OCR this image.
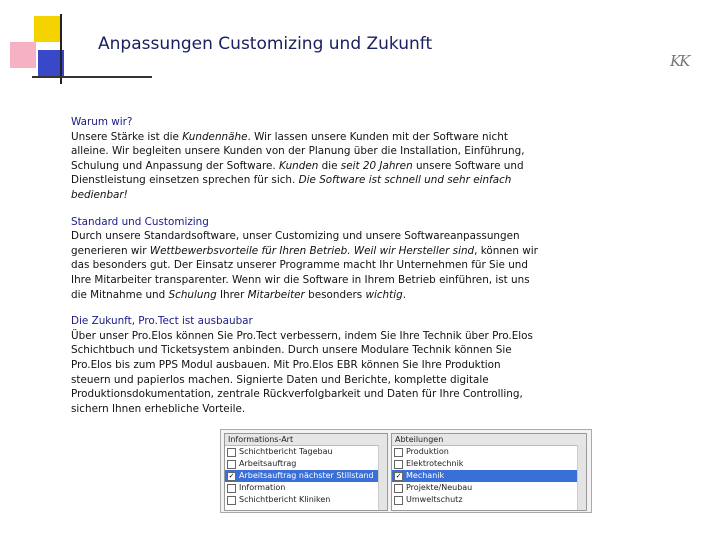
Anpassungen Customizing und Zukunft
KK
Warum wir?
Unsere Stärke ist die Kundennähe. Wir lassen unsere Kunden mit der Software nicht alleine. Wir begleiten unsere Kunden von der Planung über die Installation, Einführung, Schulung und Anpassung der Software. Kunden die seit 20 Jahren unsere Software und Dienstleistung einsetzen sprechen für sich. Die Software ist schnell und sehr einfach bedienbar!
Standard und Customizing
Durch unsere Standardsoftware, unser Customizing und unsere Softwareanpassungen generieren wir Wettbewerbsvorteile für Ihren Betrieb. Weil wir Hersteller sind, können wir das besonders gut. Der Einsatz unserer Programme macht Ihr Unternehmen für Sie und Ihre Mitarbeiter transparenter. Wenn wir die Software in Ihrem Betrieb einführen, ist uns die Mitnahme und Schulung Ihrer Mitarbeiter besonders wichtig.
Die Zukunft, Pro.Tect ist ausbaubar
Über unser Pro.Elos können Sie Pro.Tect verbessern, indem Sie Ihre Technik über Pro.Elos Schichtbuch und Ticketsystem anbinden. Durch unsere Modulare Technik können Sie Pro.Elos bis zum PPS Modul ausbauen. Mit Pro.Elos EBR können Sie Ihre Produktion steuern und papierlos machen. Signierte Daten und Berichte, komplette digitale Produktionsdokumentation, zentrale Rückverfolgbarkeit und Daten für Ihre Controlling, sichern Ihnen erhebliche Vorteile.
Informations-Art
Schichtbericht Tagebau
Arbeitsauftrag
✓ Arbeitsauftrag nächster Stillstand
Information
Schichtbericht Kliniken
Abteilungen
Produktion
Elektrotechnik
✓ Mechanik
Projekte/Neubau
Umweltschutz
